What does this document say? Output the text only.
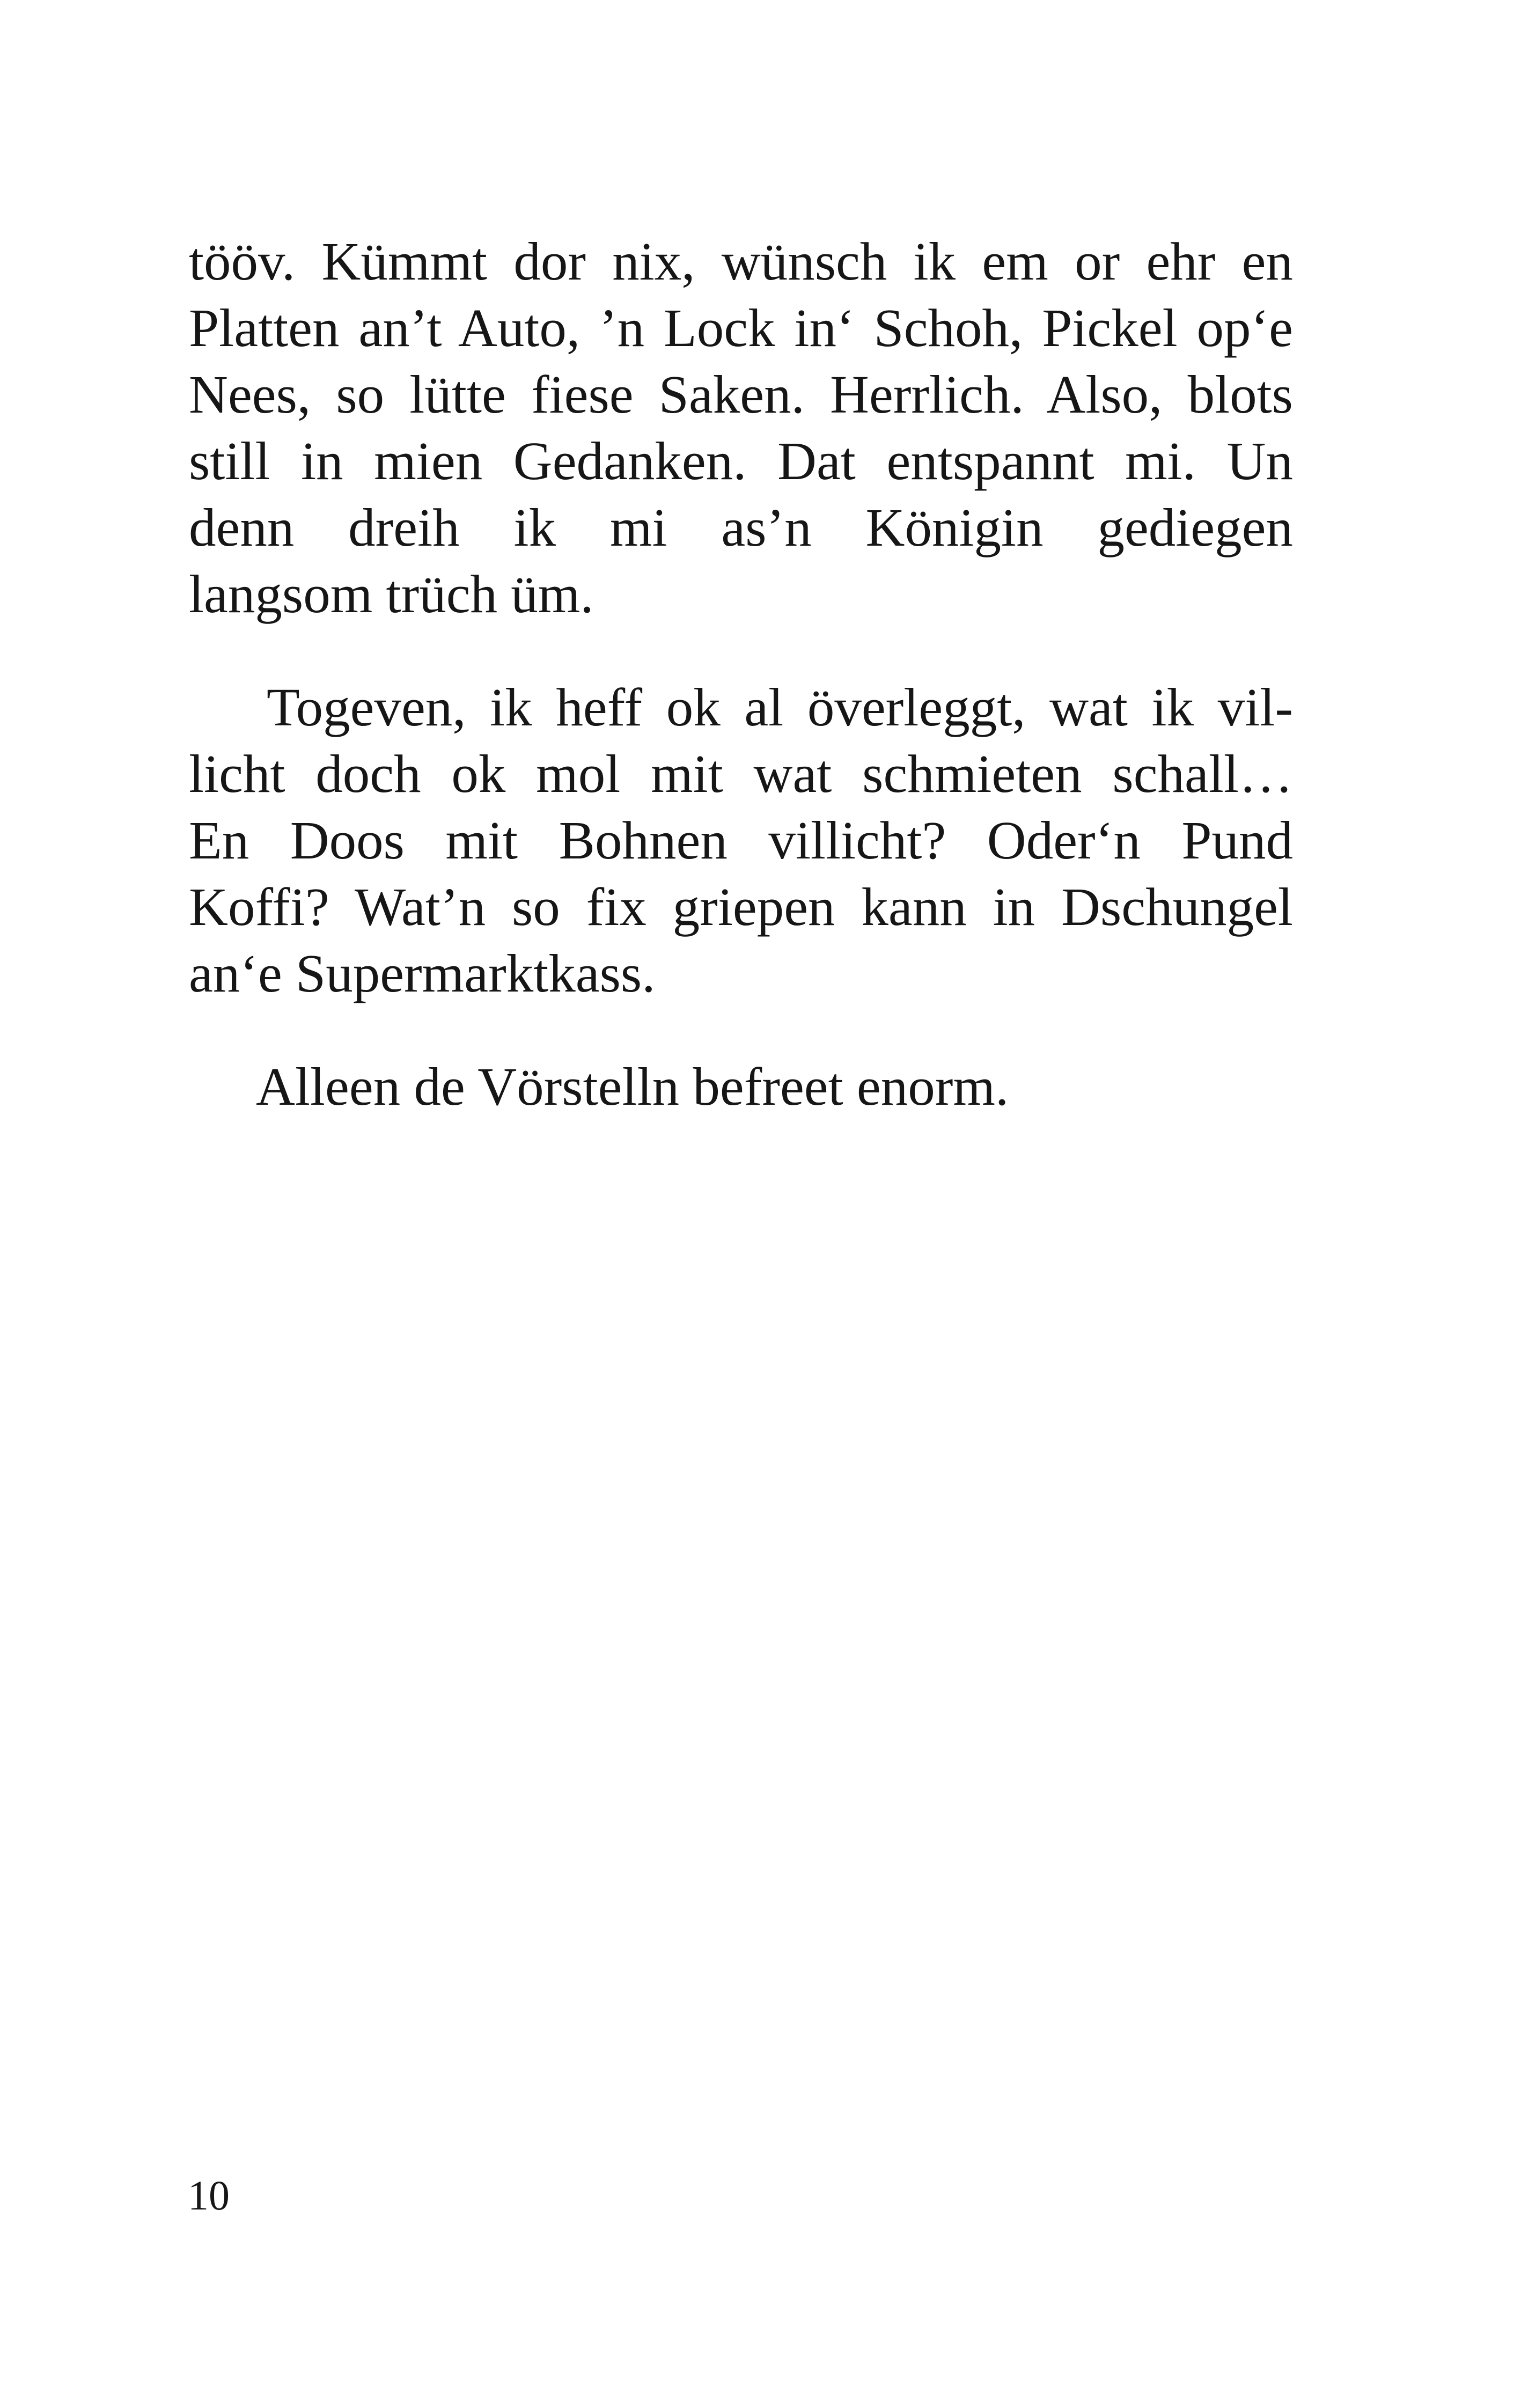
tööv. Kümmt dor nix, wünsch ik em or ehr en

Platten an’t Auto, ’n Lock in‘ Schoh, Pickel op‘e

Nees, so lütte fiese Saken. Herrlich. Also, blots

still in mien Gedanken. Dat entspannt mi. Un

denn dreih ik mi as’n Königin gediegen

langsom trüch üm.

Togeven, ik heff ok al överleggt, wat ik vil-

licht doch ok mol mit wat schmieten schall…

En Doos mit Bohnen villicht? Oder‘n Pund

Koffi? Wat’n so fix griepen kann in Dschungel

an‘e Supermarktkass.

Alleen de Vörstelln befreet enorm.

10
